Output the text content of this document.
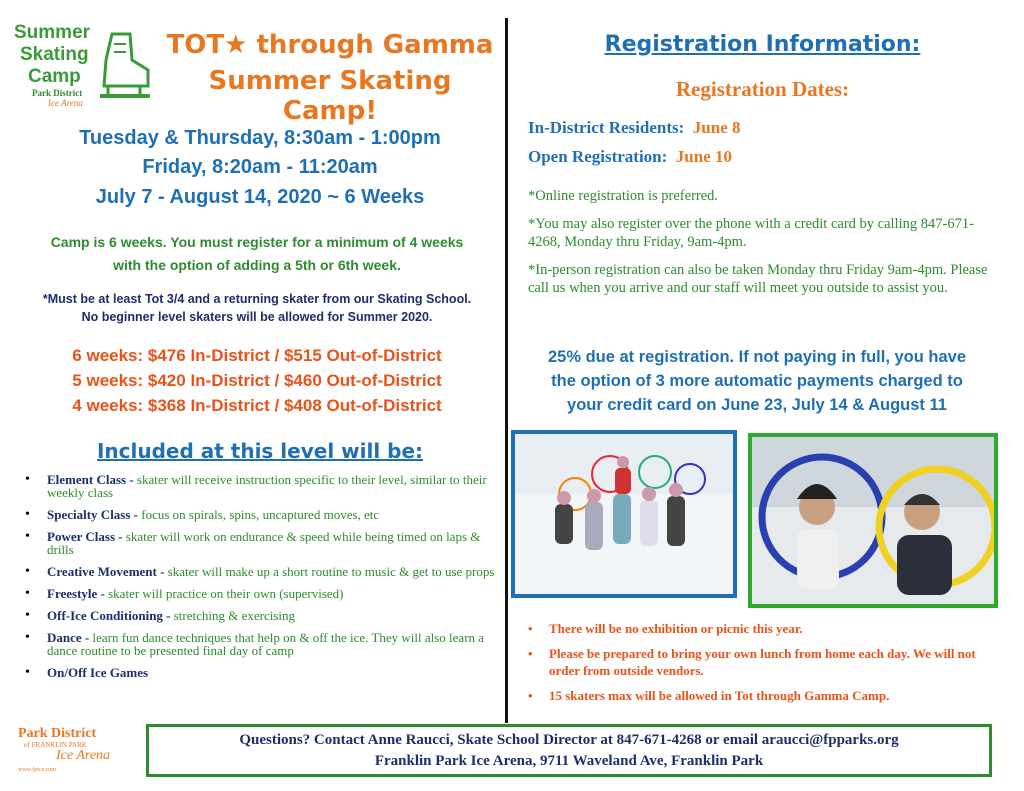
Summer
Skating
Camp
Park District
Ice Arena
TOT★ through Gamma
Summer Skating Camp!
Tuesday & Thursday, 8:30am - 1:00pm
Friday, 8:20am - 11:20am
July 7 - August 14, 2020 ~ 6 Weeks
Camp is 6 weeks. You must register for a minimum of 4 weeks
with the option of adding a 5th or 6th week.
*Must be at least Tot 3/4 and a returning skater from our Skating School.
No beginner level skaters will be allowed for Summer 2020.
6 weeks: $476 In-District / $515 Out-of-District
5 weeks: $420 In-District / $460 Out-of-District
4 weeks: $368 In-District / $408 Out-of-District
Included at this level will be:
• Element Class - skater will receive instruction specific to their level, similar to their weekly class
• Specialty Class - focus on spirals, spins, uncaptured moves, etc
• Power Class - skater will work on endurance & speed while being timed on laps & drills
• Creative Movement - skater will make up a short routine to music & get to use props
• Freestyle - skater will practice on their own (supervised)
• Off-Ice Conditioning - stretching & exercising
• Dance - learn fun dance techniques that help on & off the ice. They will also learn a dance routine to be presented final day of camp
• On/Off Ice Games
Registration Information:
Registration Dates:
In-District Residents: June 8
Open Registration: June 10
*Online registration is preferred.
*You may also register over the phone with a credit card by calling 847-671-4268, Monday thru Friday, 9am-4pm.
*In-person registration can also be taken Monday thru Friday 9am-4pm. Please call us when you arrive and our staff will meet you outside to assist you.
25% due at registration. If not paying in full, you have
the option of 3 more automatic payments charged to
your credit card on June 23, July 14 & August 11
• There will be no exhibition or picnic this year.
• Please be prepared to bring your own lunch from home each day. We will not order from outside vendors.
• 15 skaters max will be allowed in Tot through Gamma Camp.
Park District
of FRANKLIN PARK
Ice Arena
www.fpice.com
Questions? Contact Anne Raucci, Skate School Director at 847-671-4268 or email araucci@fpparks.org
Franklin Park Ice Arena, 9711 Waveland Ave, Franklin Park
